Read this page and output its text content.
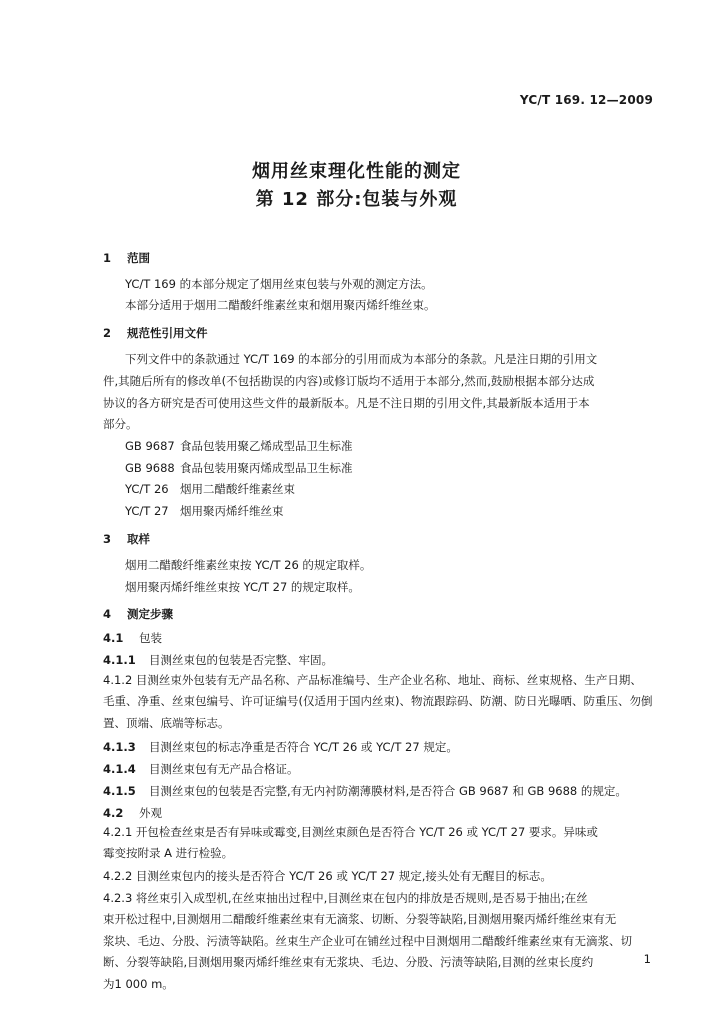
YC/T 169. 12—2009
烟用丝束理化性能的测定
第 12 部分:包装与外观
1 范围
YC/T 169 的本部分规定了烟用丝束包装与外观的测定方法。
本部分适用于烟用二醋酸纤维素丝束和烟用聚丙烯纤维丝束。
2 规范性引用文件
下列文件中的条款通过 YC/T 169 的本部分的引用而成为本部分的条款。凡是注日期的引用文
件,其随后所有的修改单(不包括勘误的内容)或修订版均不适用于本部分,然而,鼓励根据本部分达成
协议的各方研究是否可使用这些文件的最新版本。凡是不注日期的引用文件,其最新版本适用于本
部分。
GB 9687 食品包装用聚乙烯成型品卫生标准
GB 9688 食品包装用聚丙烯成型品卫生标准
YC/T 26 烟用二醋酸纤维素丝束
YC/T 27 烟用聚丙烯纤维丝束
3 取样
烟用二醋酸纤维素丝束按 YC/T 26 的规定取样。
烟用聚丙烯纤维丝束按 YC/T 27 的规定取样。
4 测定步骤
4.1 包装
4.1.1 目测丝束包的包装是否完整、牢固。
4.1.2 目测丝束外包装有无产品名称、产品标准编号、生产企业名称、地址、商标、丝束规格、生产日期、
毛重、净重、丝束包编号、许可证编号(仅适用于国内丝束)、物流跟踪码、防潮、防日光曝晒、防重压、勿倒
置、顶端、底端等标志。
4.1.3 目测丝束包的标志净重是否符合 YC/T 26 或 YC/T 27 规定。
4.1.4 目测丝束包有无产品合格证。
4.1.5 目测丝束包的包装是否完整,有无内衬防潮薄膜材料,是否符合 GB 9687 和 GB 9688 的规定。
4.2 外观
4.2.1 开包检查丝束是否有异味或霉变,目测丝束颜色是否符合 YC/T 26 或 YC/T 27 要求。异味或
霉变按附录 A 进行检验。
4.2.2 目测丝束包内的接头是否符合 YC/T 26 或 YC/T 27 规定,接头处有无醒目的标志。
4.2.3 将丝束引入成型机,在丝束抽出过程中,目测丝束在包内的排放是否规则,是否易于抽出;在丝
束开松过程中,目测烟用二醋酸纤维素丝束有无滴浆、切断、分裂等缺陷,目测烟用聚丙烯纤维丝束有无
浆块、毛边、分股、污渍等缺陷。丝束生产企业可在铺丝过程中目测烟用二醋酸纤维素丝束有无滴浆、切
断、分裂等缺陷,目测烟用聚丙烯纤维丝束有无浆块、毛边、分股、污渍等缺陷,目测的丝束长度约
为1 000 m。
1
